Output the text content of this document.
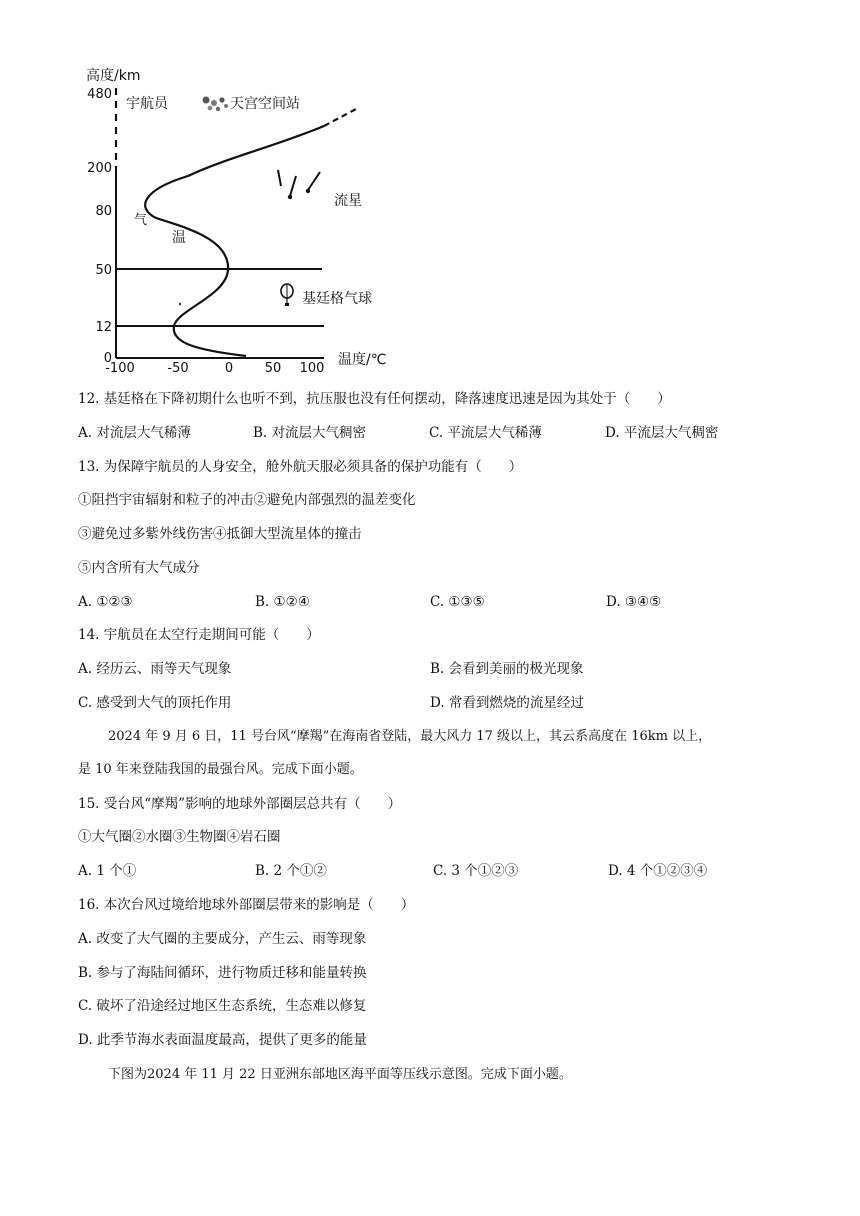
高度/km
480
200
80
50
12
0
-100	-50	0 50 100
温度/℃
宇航员	天宫空间站
流星
气
温
基廷格气球
12. 基廷格在下降初期什么也听不到，抗压服也没有任何摆动，降落速度迅速是因为其处于（　　）
A. 对流层大气稀薄	B. 对流层大气稠密	C. 平流层大气稀薄	D. 平流层大气稠密
13. 为保障宇航员的人身安全，舱外航天服必须具备的保护功能有（　　）
①阻挡宇宙辐射和粒子的冲击②避免内部强烈的温差变化
③避免过多紫外线伤害④抵御大型流星体的撞击
⑤内含所有大气成分
A. ①②③	B. ①②④	C. ①③⑤	D. ③④⑤
14. 宇航员在太空行走期间可能（　　）
A. 经历云、雨等天气现象	B. 会看到美丽的极光现象
C. 感受到大气的顶托作用	D. 常看到燃烧的流星经过
2024 年 9 月 6 日，11 号台风“摩羯”在海南省登陆，最大风力 17 级以上，其云系高度在 16km 以上，
是 10 年来登陆我国的最强台风。完成下面小题。
15. 受台风“摩羯”影响的地球外部圈层总共有（　　）
①大气圈②水圈③生物圈④岩石圈
A. 1 个①	B. 2 个①②	C. 3 个①②③	D. 4 个①②③④
16. 本次台风过境给地球外部圈层带来的影响是（　　）
A. 改变了大气圈的主要成分，产生云、雨等现象
B. 参与了海陆间循环，进行物质迁移和能量转换
C. 破坏了沿途经过地区生态系统，生态难以修复
D. 此季节海水表面温度最高，提供了更多的能量
下图为2024 年 11 月 22 日亚洲东部地区海平面等压线示意图。完成下面小题。
